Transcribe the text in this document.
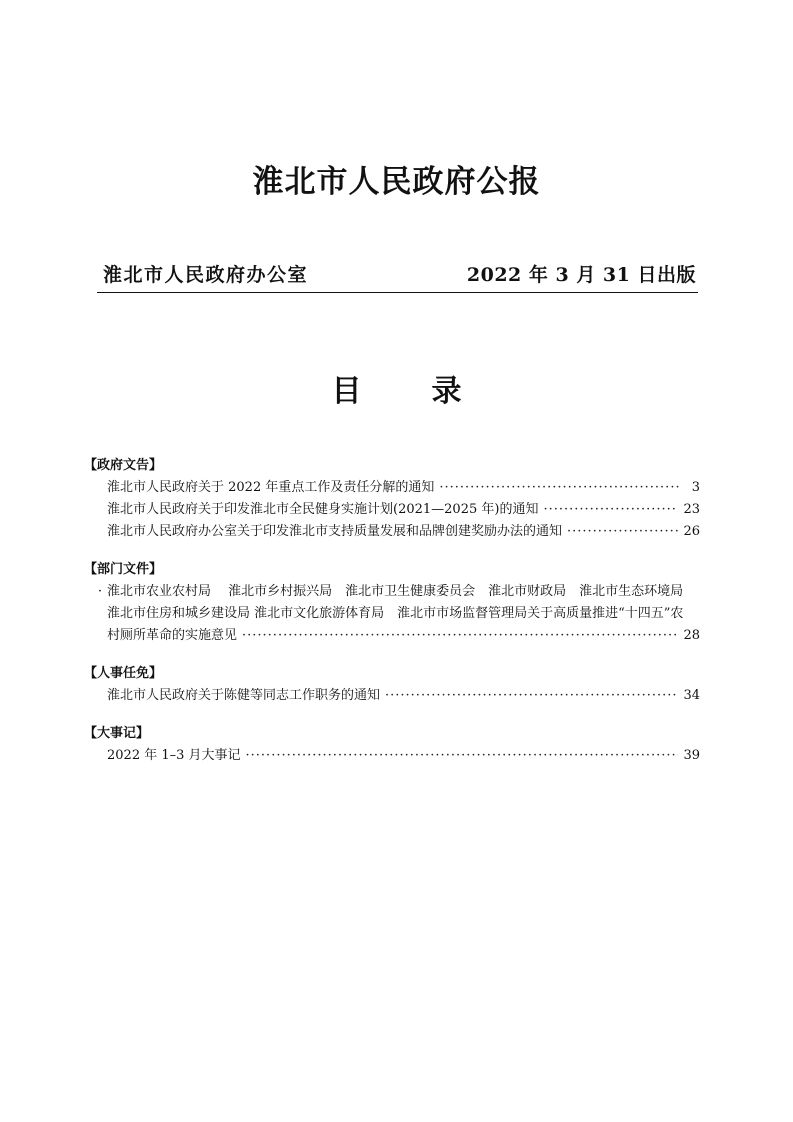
淮北市人民政府公报
淮北市人民政府办公室	2022 年 3 月 31 日出版
目 录
【政府文告】
淮北市人民政府关于 2022 年重点工作及责任分解的通知 ·····	3
淮北市人民政府关于印发淮北市全民健身实施计划(2021—2025 年)的通知 ·····	23
淮北市人民政府办公室关于印发淮北市支持质量发展和品牌创建奖励办法的通知 ·····	26
【部门文件】
· 淮北市农业农村局　 淮北市乡村振兴局　淮北市卫生健康委员会　淮北市财政局　淮北市生态环境局
淮北市住房和城乡建设局 淮北市文化旅游体育局　淮北市市场监督管理局关于高质量推进“十四五”农
村厕所革命的实施意见 ·····	28
【人事任免】
淮北市人民政府关于陈健等同志工作职务的通知 ·····	34
【大事记】
2022 年 1–3 月大事记 ·····	39
